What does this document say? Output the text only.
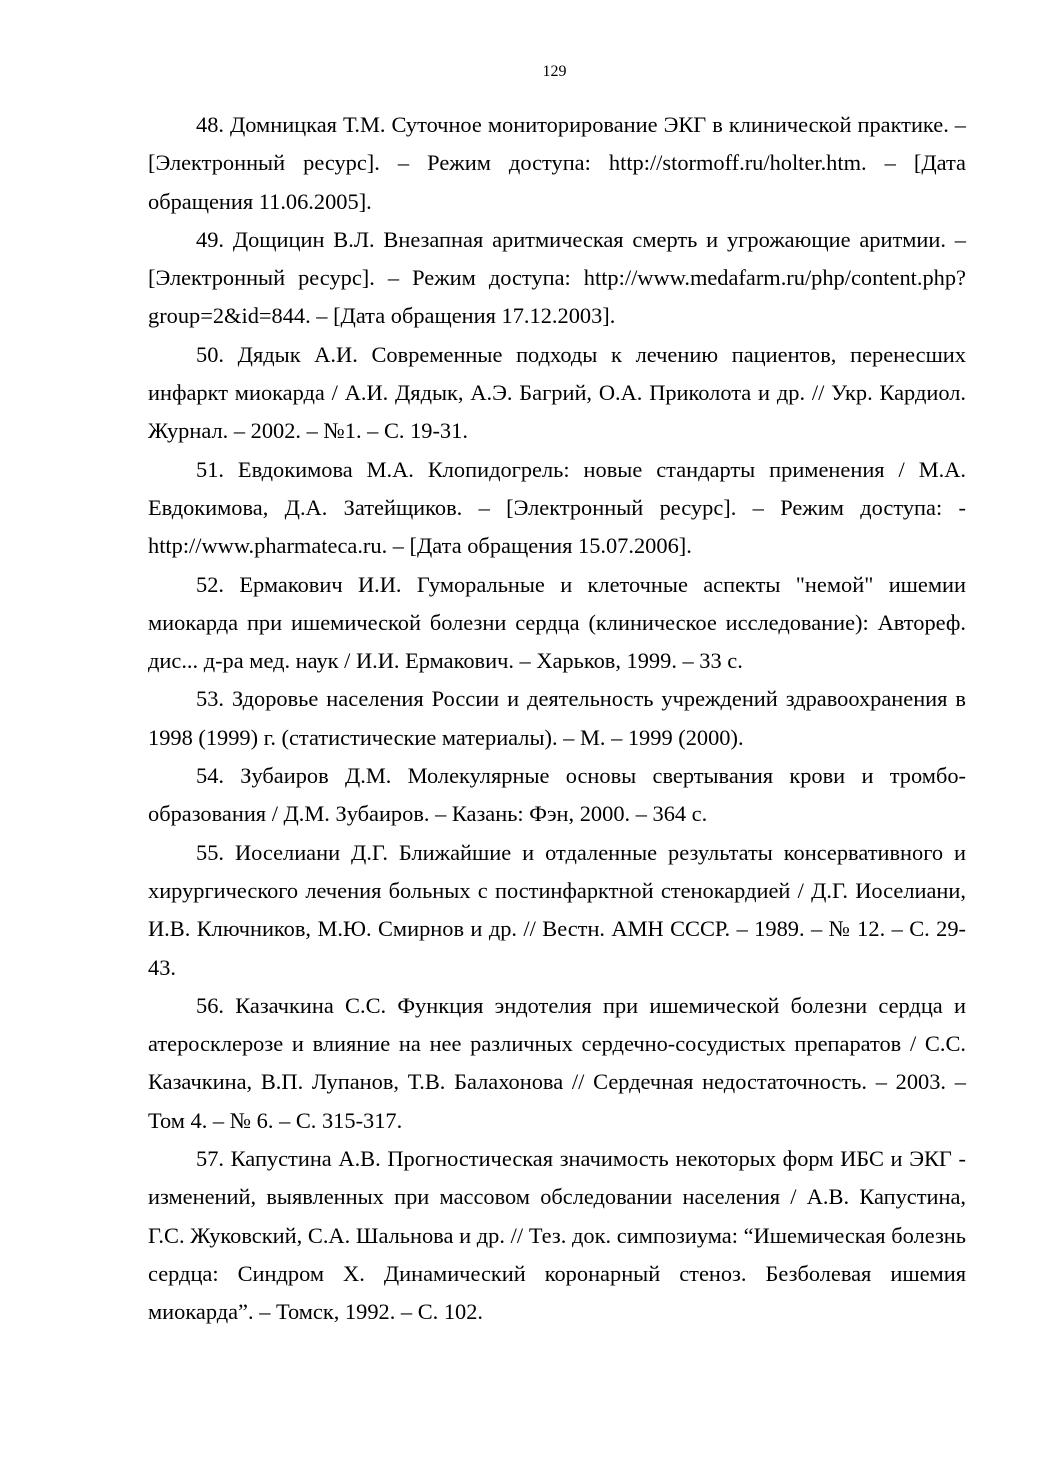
129

48. Домницкая Т.М. Суточное мониторирование ЭКГ в клинической практике. – [Электронный ресурс]. – Режим доступа: http://stormoff.​ru/holter.htm. – [Дата обращения 11.06.2005].

49. Дощицин В.Л. Внезапная аритмическая смерть и угрожающие аритмии. – [Электронный ресурс]. – Режим доступа: http://www.medafarm.​ru/php/content.php?group=2&id=844. – [Дата обращения 17.12.2003].

50. Дядык А.И. Современные подходы к лечению пациентов, перенесших инфаркт миокарда / А.И. Дядык, А.Э. Багрий, О.А. Приколота и др. // Укр. Кардиол. Журнал. – 2002. – №1. – С. 19-31.

51. Евдокимова М.А. Клопидогрель: новые стандарты применения / М.А. Евдокимова, Д.А. Затейщиков. – [Электронный ресурс]. – Режим доступа: -​http://www.pharmateca.ru. – [Дата обращения 15.07.2006].

52. Ермакович И.И. Гуморальные и клеточные аспекты "немой" ишемии миокарда при ишемической болезни сердца (клиническое исследование): Автореф. дис... д-ра мед. наук / И.И. Ермакович. – Харьков, 1999. – 33 с.

53. Здоровье населения России и деятельность учреждений здравоохранения в 1998 (1999) г. (статистические материалы). – М. – 1999 (2000).

54. Зубаиров Д.М. Молекулярные основы свертывания крови и тромбообразования / Д.М. Зубаиров. – Казань: Фэн, 2000. – 364 с.

55. Иоселиани Д.Г. Ближайшие и отдаленные результаты консервативного и хирургического лечения больных с постинфарктной стенокардией / Д.Г. Иоселиани, И.В. Ключников, М.Ю. Смирнов и др. // Вестн. АМН СССР. – 1989. – № 12. – С. 29-43.

56. Казачкина С.С. Функция эндотелия при ишемической болезни сердца и атеросклерозе и влияние на нее различных сердечно-сосудистых препаратов / С.С. Казачкина, В.П. Лупанов, Т.В. Балахонова // Сердечная недостаточность. – 2003. – Том 4. – № 6. – С. 315-317.

57. Капустина А.В. Прогностическая значимость некоторых форм ИБС и ЭКГ - изменений, выявленных при массовом обследовании населения / А.В. Капустина, Г.С. Жуковский, С.А. Шальнова и др. // Тез. док. симпозиума: “Ишемическая болезнь сердца: Синдром Х. Динамический коронарный стеноз. Безболевая ишемия миокарда”. – Томск, 1992. – С. 102.
